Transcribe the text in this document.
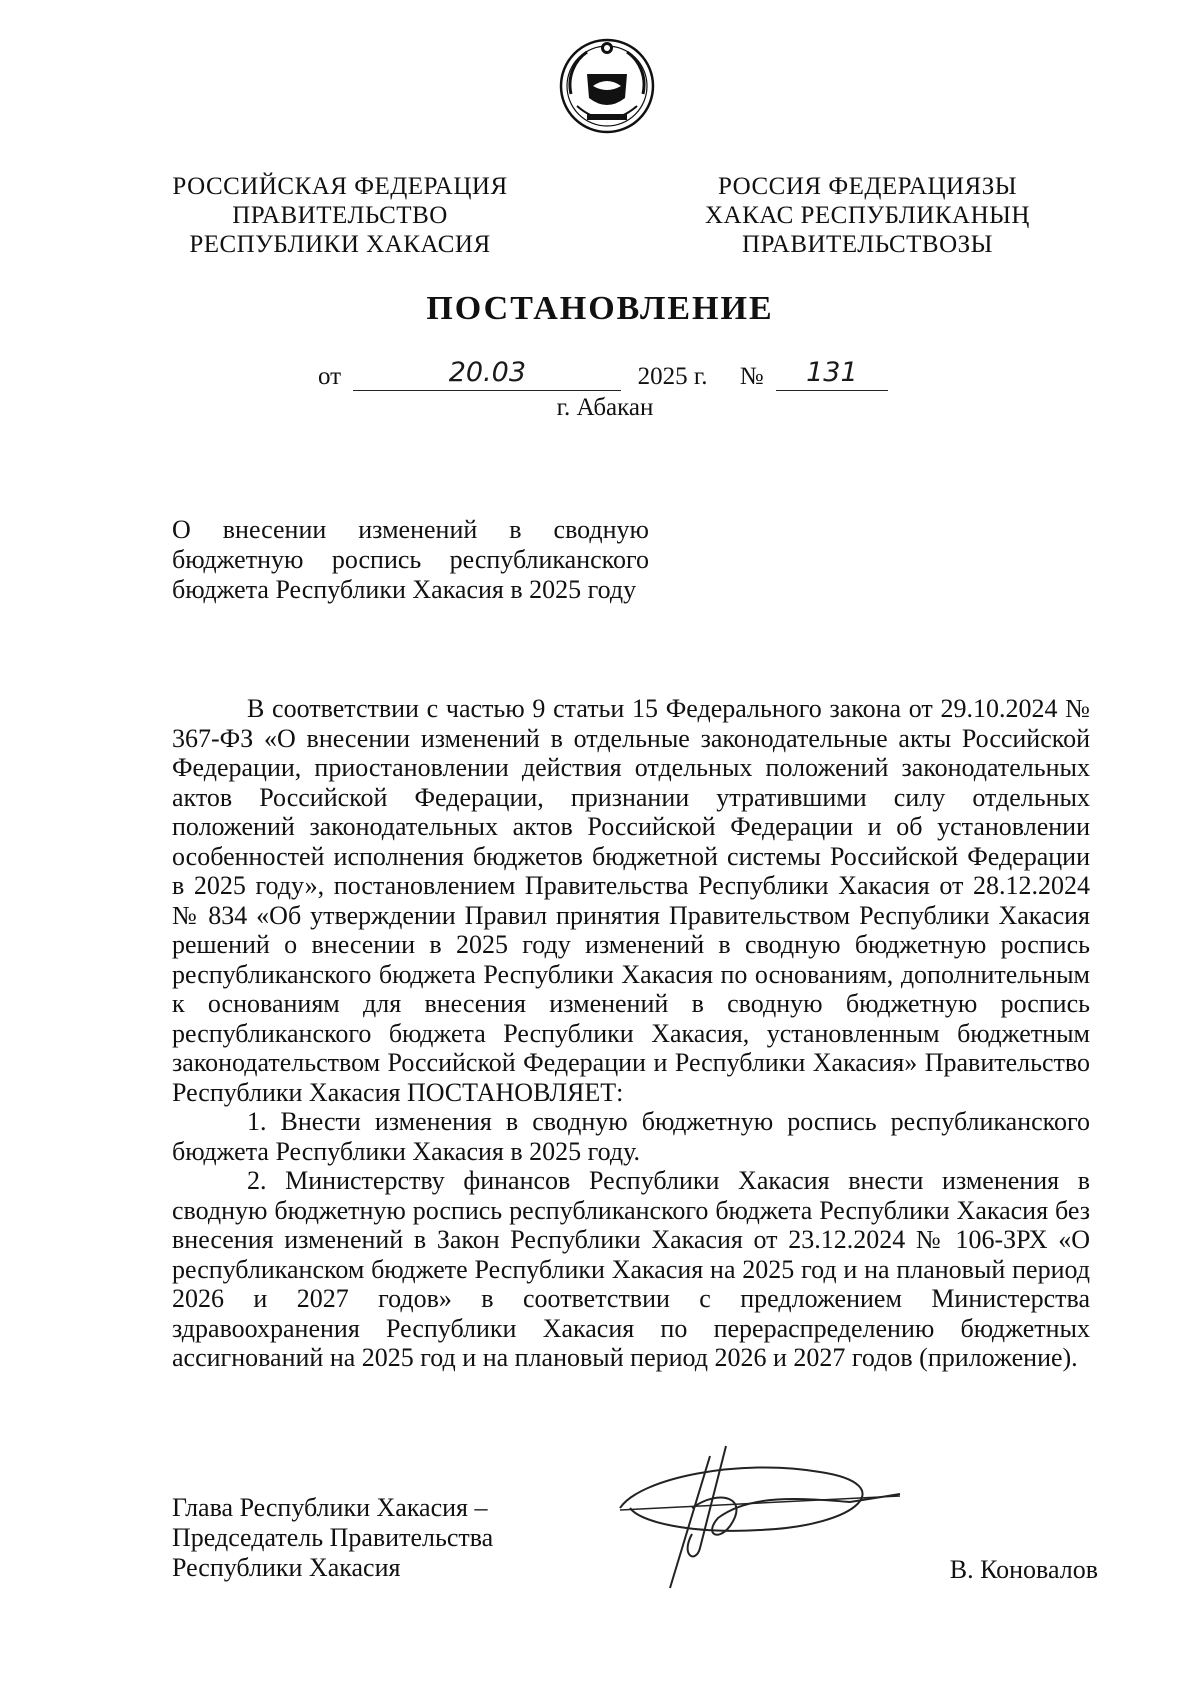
РОССИЙСКАЯ ФЕДЕРАЦИЯ
ПРАВИТЕЛЬСТВО
РЕСПУБЛИКИ ХАКАСИЯ
РОССИЯ ФЕДЕРАЦИЯЗЫ
ХАКАС РЕСПУБЛИКАНЫҢ
ПРАВИТЕЛЬСТВОЗЫ
ПОСТАНОВЛЕНИЕ
от	20.03	2025 г. №	131
г. Абакан
О внесении изменений в сводную бюджетную роспись республиканского бюджета Республики Хакасия в 2025 году

В соответствии с частью 9 статьи 15 Федерального закона от 29.10.2024 № 367-ФЗ «О внесении изменений в отдельные законодательные акты Российской Федерации, приостановлении действия отдельных положений законодательных актов Российской Федерации, признании утратившими силу отдельных положений законодательных актов Российской Федерации и об установлении особенностей исполнения бюджетов бюджетной системы Российской Федерации в 2025 году», постановлением Правительства Республики Хакасия от 28.12.2024 № 834 «Об утверждении Правил принятия Правительством Республики Хакасия решений о внесении в 2025 году изменений в сводную бюджетную роспись республиканского бюджета Республики Хакасия по основаниям, дополнительным к основаниям для внесения изменений в сводную бюджетную роспись республиканского бюджета Республики Хакасия, установленным бюджетным законодательством Российской Федерации и Республики Хакасия» Правительство Республики Хакасия ПОСТАНОВЛЯЕТ:

1. Внести изменения в сводную бюджетную роспись республиканского бюджета Республики Хакасия в 2025 году.

2. Министерству финансов Республики Хакасия внести изменения в сводную бюджетную роспись республиканского бюджета Республики Хакасия без внесения изменений в Закон Республики Хакасия от 23.12.2024 № 106-ЗРХ «О республиканском бюджете Республики Хакасия на 2025 год и на плановый период 2026 и 2027 годов» в соответствии с предложением Министерства здравоохранения Республики Хакасия по перераспределению бюджетных ассигнований на 2025 год и на плановый период 2026 и 2027 годов (приложение).

Глава Республики Хакасия –
Председатель Правительства
Республики Хакасия	В. Коновалов
